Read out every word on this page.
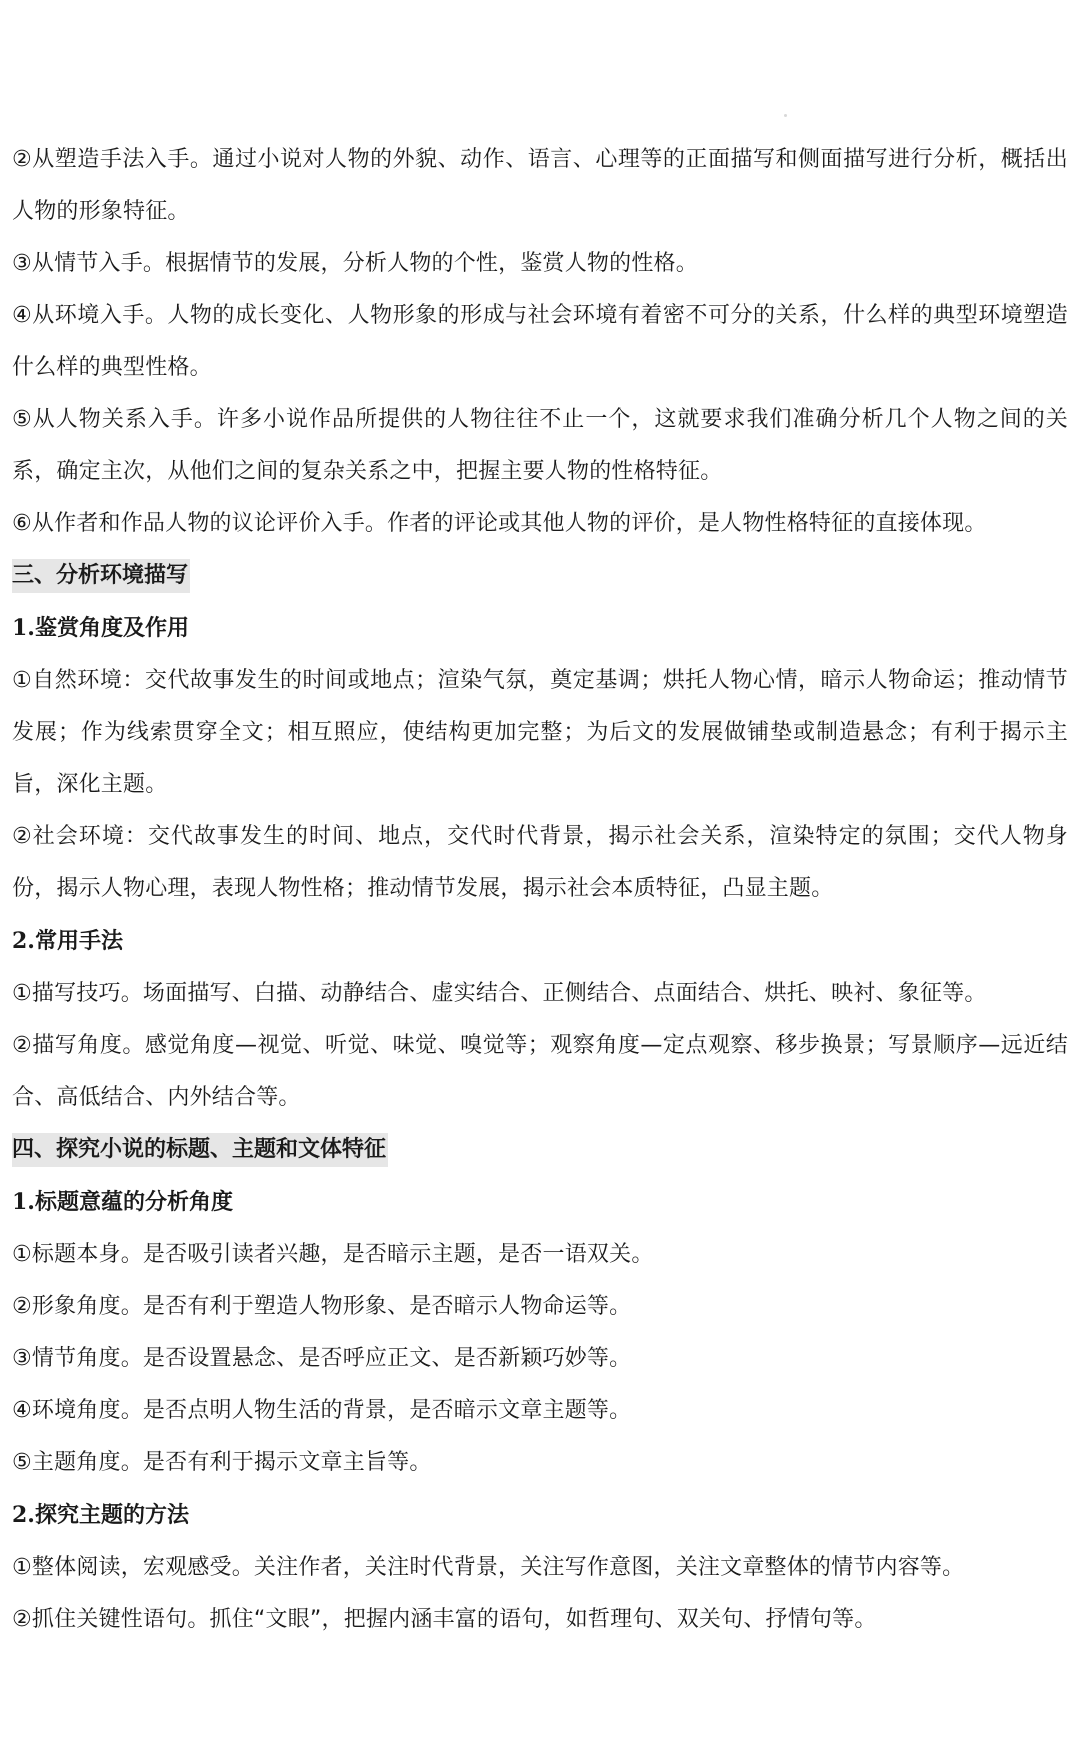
②从塑造手法入手。通过小说对人物的外貌、动作、语言、心理等的正面描写和侧面描写进行分析，概括出人物的形象特征。

③从情节入手。根据情节的发展，分析人物的个性，鉴赏人物的性格。

④从环境入手。人物的成长变化、人物形象的形成与社会环境有着密不可分的关系，什么样的典型环境塑造什么样的典型性格。

⑤从人物关系入手。许多小说作品所提供的人物往往不止一个，这就要求我们准确分析几个人物之间的关系，确定主次，从他们之间的复杂关系之中，把握主要人物的性格特征。

⑥从作者和作品人物的议论评价入手。作者的评论或其他人物的评价，是人物性格特征的直接体现。

三、分析环境描写
1.鉴赏角度及作用

①自然环境：交代故事发生的时间或地点；渲染气氛，奠定基调；烘托人物心情，暗示人物命运；推动情节发展；作为线索贯穿全文；相互照应，使结构更加完整；为后文的发展做铺垫或制造悬念；有利于揭示主旨，深化主题。

②社会环境：交代故事发生的时间、地点，交代时代背景，揭示社会关系，渲染特定的氛围；交代人物身份，揭示人物心理，表现人物性格；推动情节发展，揭示社会本质特征，凸显主题。

2.常用手法

①描写技巧。场面描写、白描、动静结合、虚实结合、正侧结合、点面结合、烘托、映衬、象征等。

②描写角度。感觉角度—视觉、听觉、味觉、嗅觉等；观察角度—定点观察、移步换景；写景顺序—远近结合、高低结合、内外结合等。

四、探究小说的标题、主题和文体特征
1.标题意蕴的分析角度

①标题本身。是否吸引读者兴趣，是否暗示主题，是否一语双关。

②形象角度。是否有利于塑造人物形象、是否暗示人物命运等。

③情节角度。是否设置悬念、是否呼应正文、是否新颖巧妙等。

④环境角度。是否点明人物生活的背景，是否暗示文章主题等。

⑤主题角度。是否有利于揭示文章主旨等。

2.探究主题的方法

①整体阅读，宏观感受。关注作者，关注时代背景，关注写作意图，关注文章整体的情节内容等。

②抓住关键性语句。抓住“文眼”，把握内涵丰富的语句，如哲理句、双关句、抒情句等。
